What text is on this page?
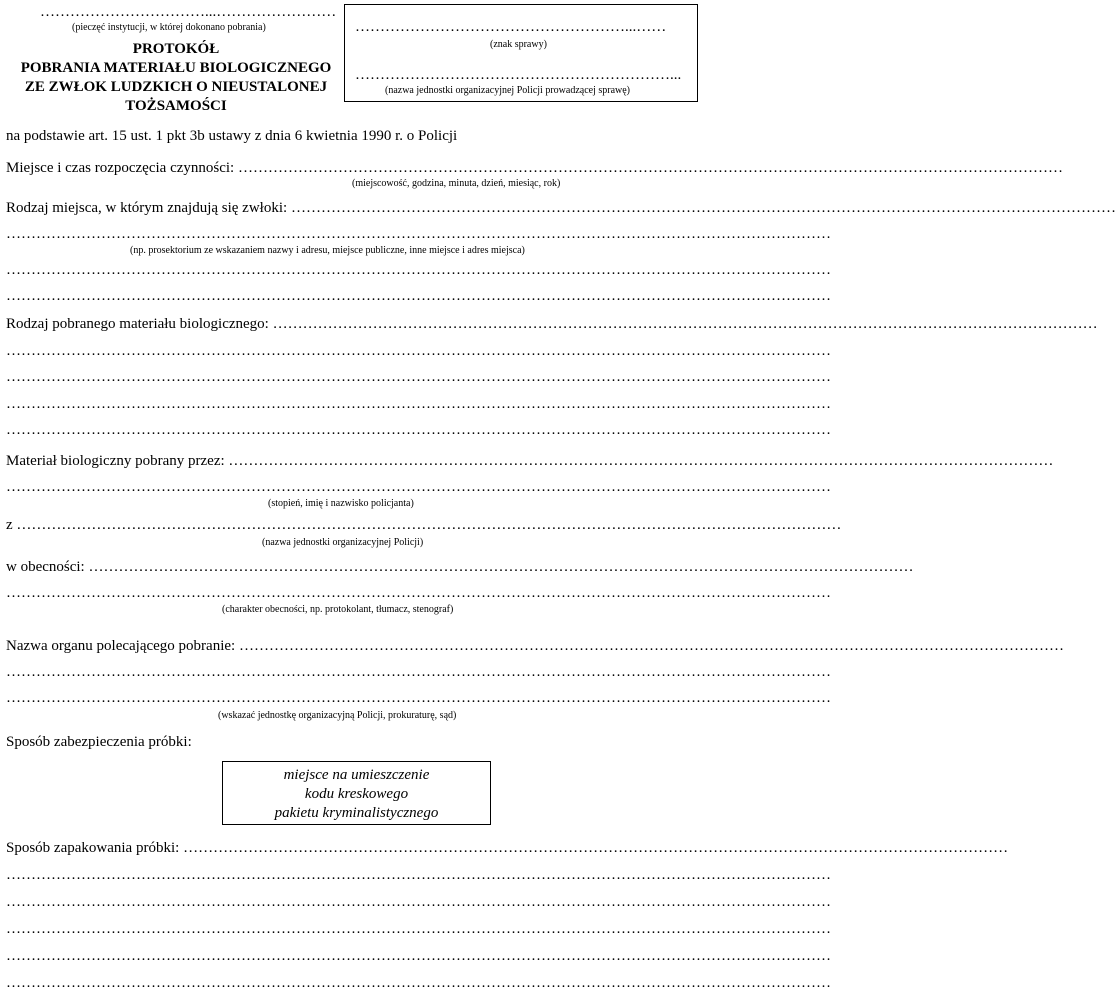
……………………………...……………………
(pieczęć instytucji, w której dokonano pobrania)
PROTOKÓŁ
POBRANIA MATERIAŁU BIOLOGICZNEGO
ZE ZWŁOK LUDZKICH O NIEUSTALONEJ
TOŻSAMOŚCI
………………………………………………...……
(znak sprawy)
………………………………………………………...
(nazwa jednostki organizacyjnej Policji prowadzącej sprawę)
na podstawie art. 15 ust. 1 pkt 3b ustawy z dnia 6 kwietnia 1990 r. o Policji
Miejsce i czas rozpoczęcia czynności: …………………………………………………………………………………………………………………………………………………
(miejscowość, godzina, minuta, dzień, miesiąc, rok)
Rodzaj miejsca, w którym znajdują się zwłoki: …………………………………………………………………………………………………………………………………………………
…………………………………………………………………………………………………………………………………………………
(np. prosektorium ze wskazaniem nazwy i adresu, miejsce publiczne, inne miejsce i adres miejsca)
…………………………………………………………………………………………………………………………………………………
…………………………………………………………………………………………………………………………………………………
Rodzaj pobranego materiału biologicznego: …………………………………………………………………………………………………………………………………………………
…………………………………………………………………………………………………………………………………………………
…………………………………………………………………………………………………………………………………………………
…………………………………………………………………………………………………………………………………………………
…………………………………………………………………………………………………………………………………………………
Materiał biologiczny pobrany przez: …………………………………………………………………………………………………………………………………………………
…………………………………………………………………………………………………………………………………………………
(stopień, imię i nazwisko policjanta)
z …………………………………………………………………………………………………………………………………………………
(nazwa jednostki organizacyjnej Policji)
w obecności: …………………………………………………………………………………………………………………………………………………
…………………………………………………………………………………………………………………………………………………
(charakter obecności, np. protokolant, tłumacz, stenograf)
Nazwa organu polecającego pobranie: …………………………………………………………………………………………………………………………………………………
…………………………………………………………………………………………………………………………………………………
…………………………………………………………………………………………………………………………………………………
(wskazać jednostkę organizacyjną Policji, prokuraturę, sąd)
Sposób zabezpieczenia próbki:
miejsce na umieszczenie
kodu kreskowego
pakietu kryminalistycznego
Sposób zapakowania próbki: …………………………………………………………………………………………………………………………………………………
…………………………………………………………………………………………………………………………………………………
…………………………………………………………………………………………………………………………………………………
…………………………………………………………………………………………………………………………………………………
…………………………………………………………………………………………………………………………………………………
…………………………………………………………………………………………………………………………………………………
